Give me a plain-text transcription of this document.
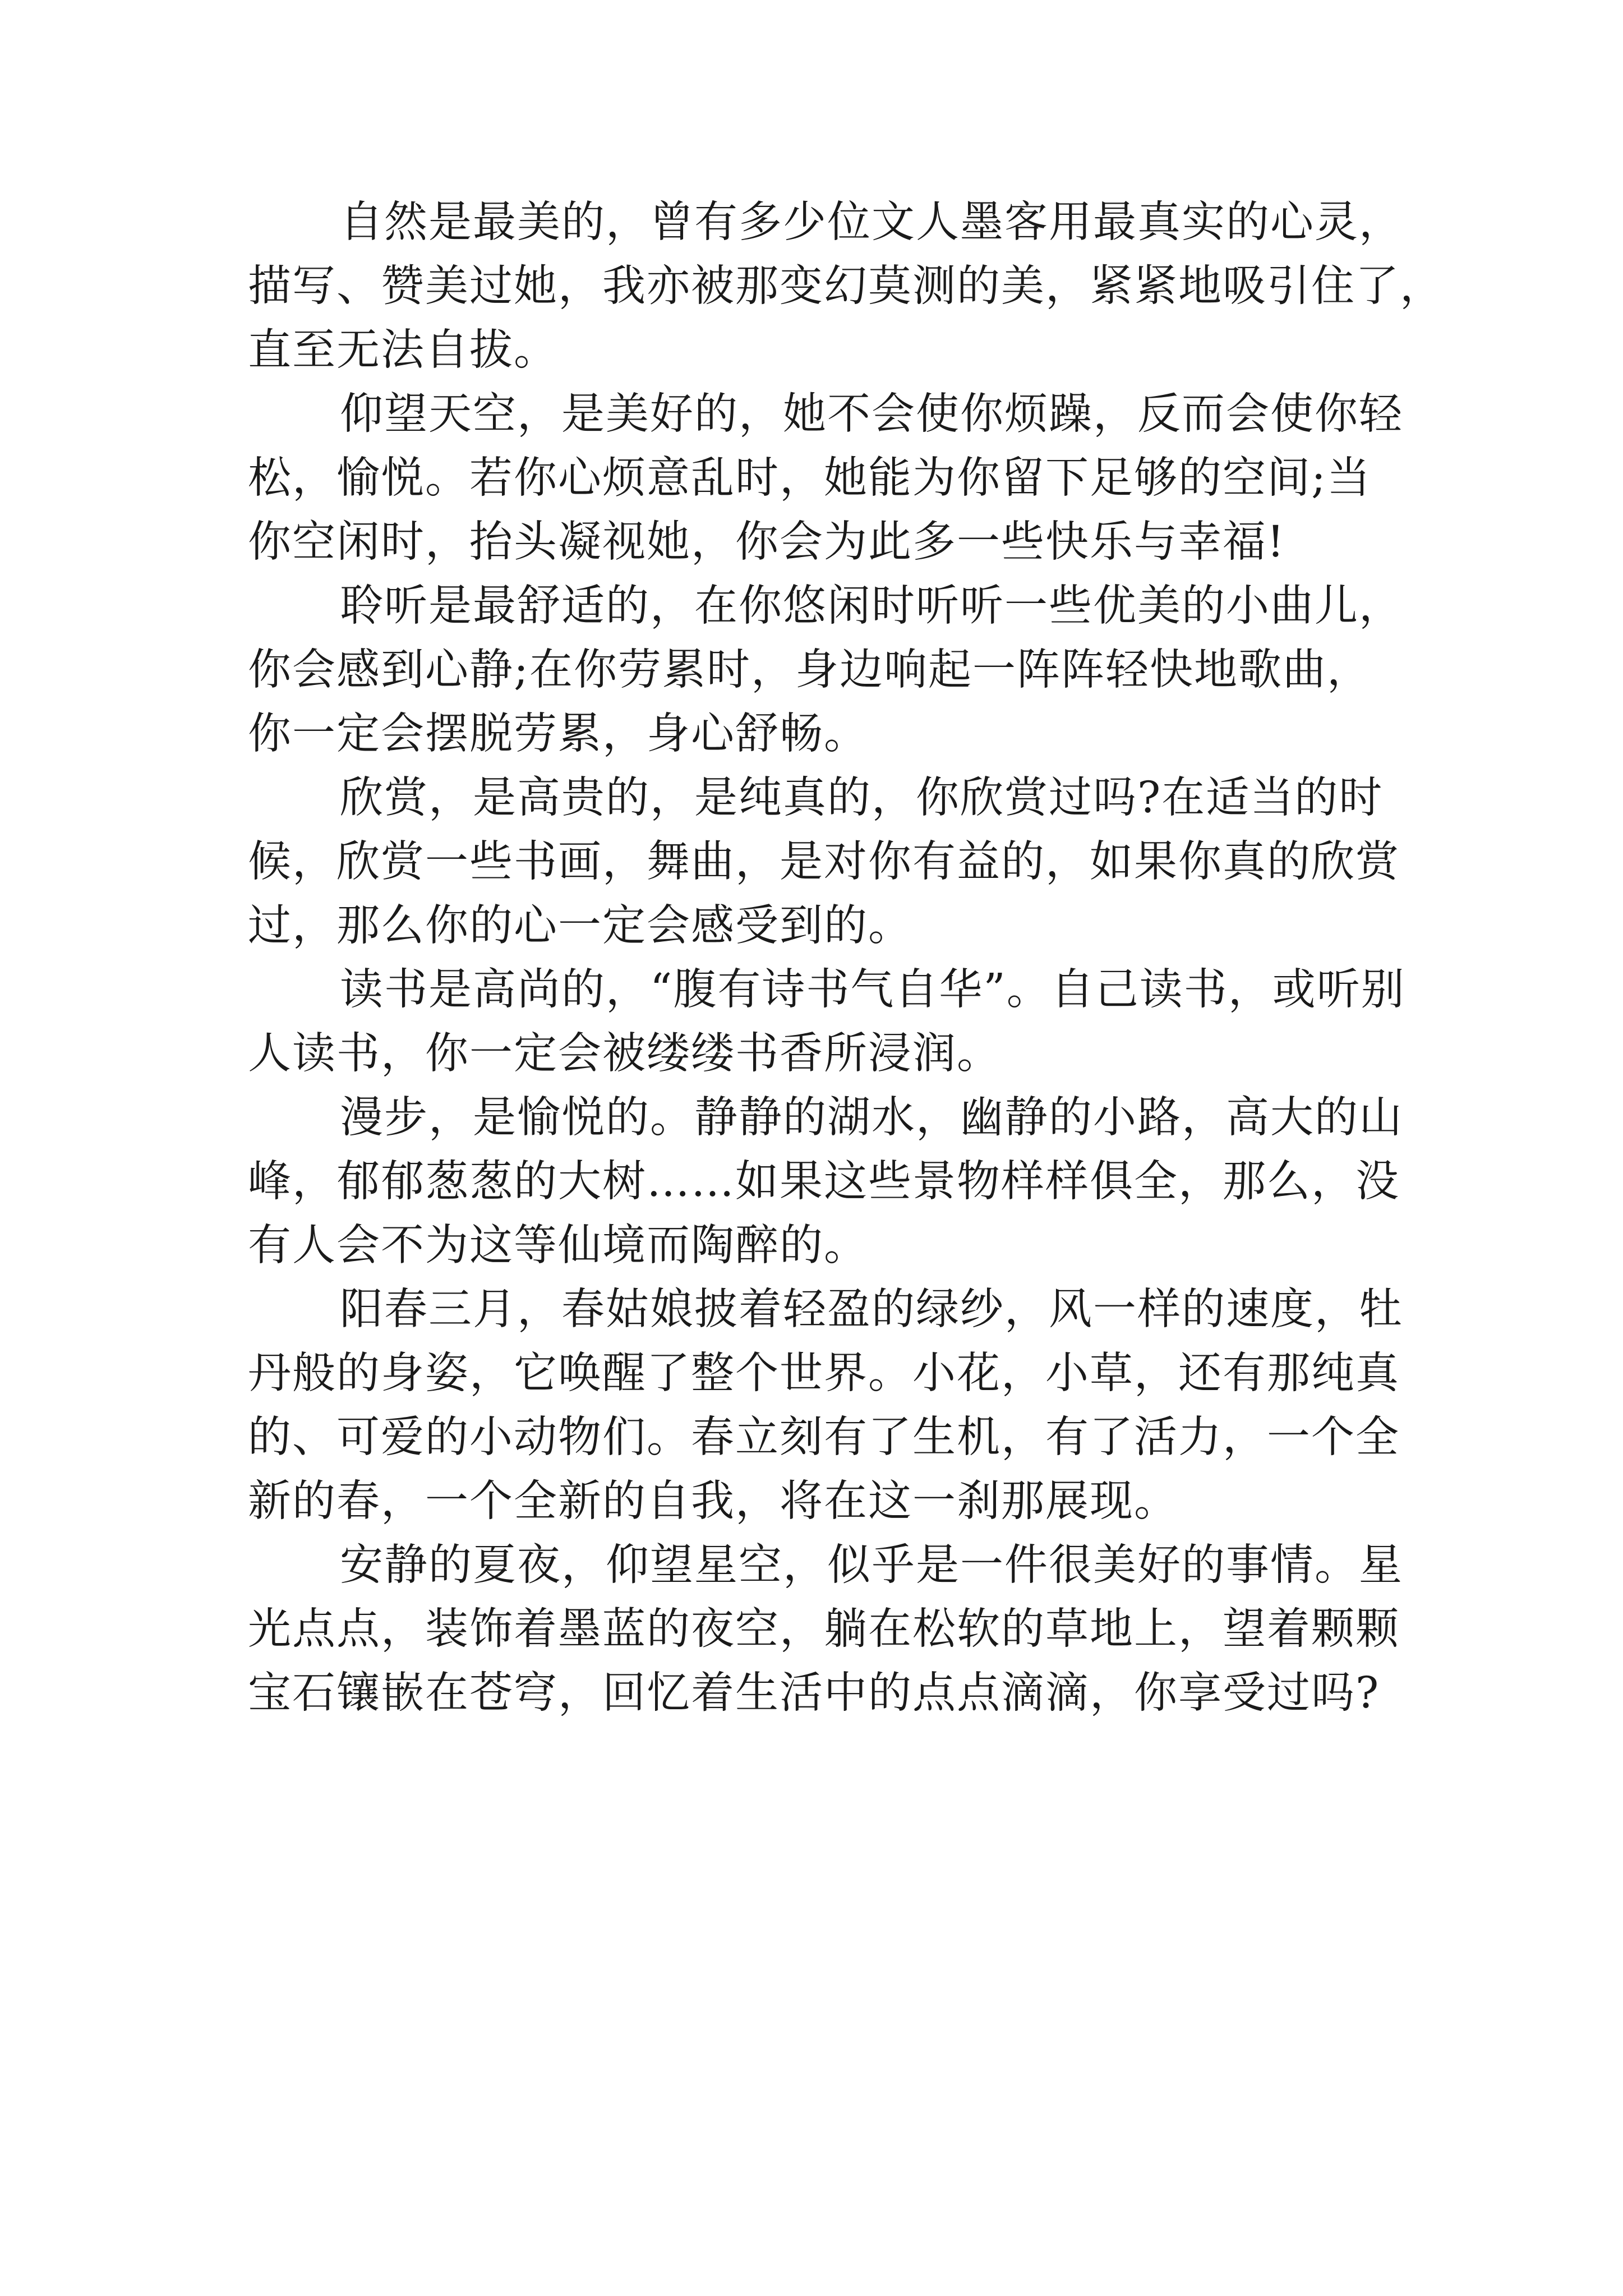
自然是最美的，曾有多少位文人墨客用最真实的心灵，
描写、赞美过她，我亦被那变幻莫测的美，紧紧地吸引住了，
直至无法自拔。
仰望天空，是美好的，她不会使你烦躁，反而会使你轻
松，愉悦。若你心烦意乱时，她能为你留下足够的空间;当
你空闲时，抬头凝视她，你会为此多一些快乐与幸福!
聆听是最舒适的，在你悠闲时听听一些优美的小曲儿，
你会感到心静;在你劳累时，身边响起一阵阵轻快地歌曲，
你一定会摆脱劳累，身心舒畅。
欣赏，是高贵的，是纯真的，你欣赏过吗?在适当的时
候，欣赏一些书画，舞曲，是对你有益的，如果你真的欣赏
过，那么你的心一定会感受到的。
读书是高尚的，“腹有诗书气自华”。自己读书，或听别
人读书，你一定会被缕缕书香所浸润。
漫步，是愉悦的。静静的湖水，幽静的小路，高大的山
峰，郁郁葱葱的大树……如果这些景物样样俱全，那么，没
有人会不为这等仙境而陶醉的。
阳春三月，春姑娘披着轻盈的绿纱，风一样的速度，牡
丹般的身姿，它唤醒了整个世界。小花，小草，还有那纯真
的、可爱的小动物们。春立刻有了生机，有了活力，一个全
新的春，一个全新的自我，将在这一刹那展现。
安静的夏夜，仰望星空，似乎是一件很美好的事情。星
光点点，装饰着墨蓝的夜空，躺在松软的草地上，望着颗颗
宝石镶嵌在苍穹，回忆着生活中的点点滴滴，你享受过吗?
